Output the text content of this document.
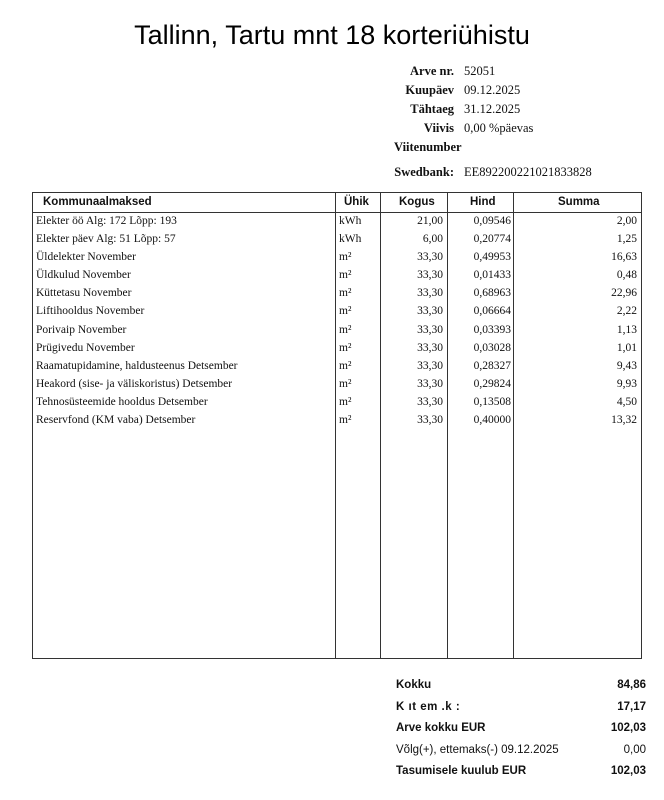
Tallinn, Tartu mnt 18 korteriühistu
Arve nr. 52051
Kuupäev 09.12.2025
Tähtaeg 31.12.2025
Viivis 0,00 %päevas
Viitenumber
Swedbank: EE892200221021833828
Kommunaalmaksed	Ühik	Kogus	Hind	Summa
Elekter öö Alg: 172 Lõpp: 193	kWh	21,00	0,09546	2,00
Elekter päev Alg: 51 Lõpp: 57	kWh	6,00	0,20774	1,25
Üldelekter November	m²	33,30	0,49953	16,63
Üldkulud November	m²	33,30	0,01433	0,48
Küttetasu November	m²	33,30	0,68963	22,96
Liftihooldus November	m²	33,30	0,06664	2,22
Porivaip November	m²	33,30	0,03393	1,13
Prügivedu November	m²	33,30	0,03028	1,01
Raamatupidamine, haldusteenus Detsember	m²	33,30	0,28327	9,43
Heakord (sise- ja väliskoristus) Detsember	m²	33,30	0,29824	9,93
Tehnosüsteemide hooldus Detsember	m²	33,30	0,13508	4,50
Reservfond (KM vaba) Detsember	m²	33,30	0,40000	13,32
Kokku	84,86
K ıt em .k :	17,17
Arve kokku EUR	102,03
Võlg(+), ettemaks(-) 09.12.2025	0,00
Tasumisele kuulub EUR	102,03
